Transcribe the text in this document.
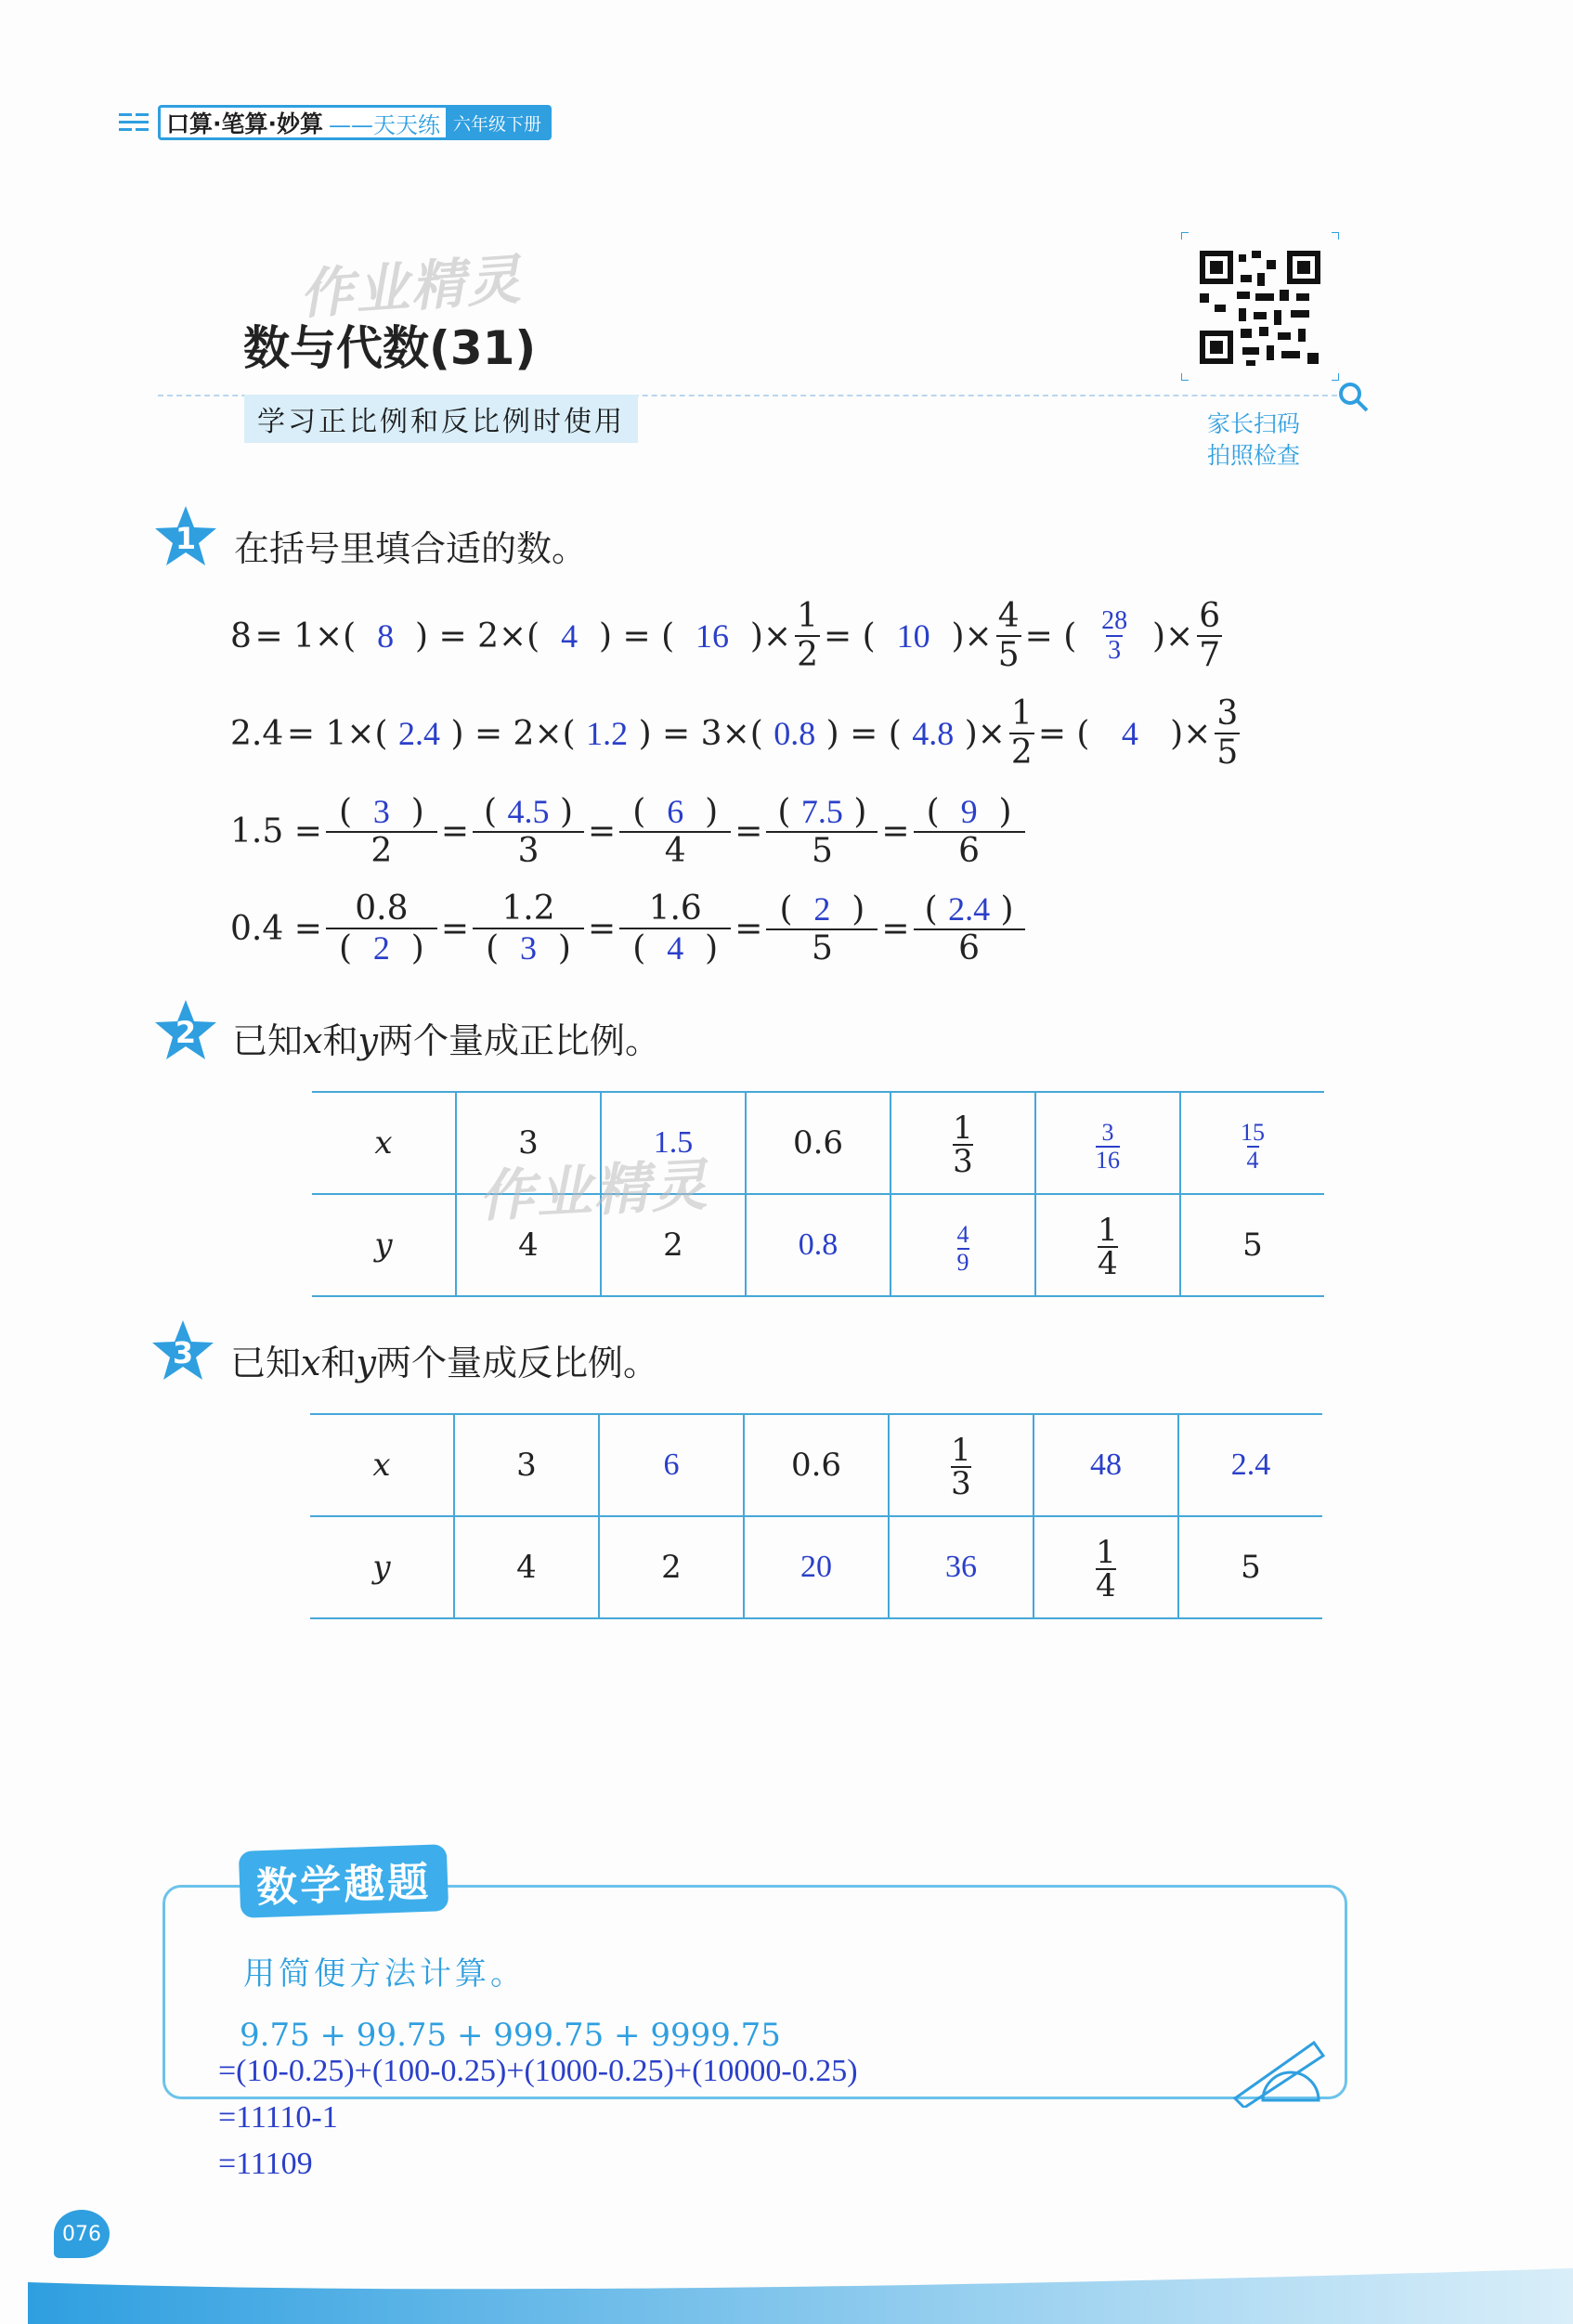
口算·笔算·妙算 ——天天练 六年级下册
作业精灵
数与代数(31)
学习正比例和反比例时使用	家长扫码
拍照检查
1 在括号里填合适的数。
8  = 1×( 8 ) = 2×( 4 ) = ( 16 )× $\frac{1}{2}$ = ( 10 )× $\frac{4}{5}$ = ( $\frac{28}{3}$ )× $\frac{6}{7}$
2.4  = 1×( 2.4 ) = 2×( 1.2 ) = 3×( 0.8 ) = ( 4.8 )× $\frac{1}{2}$ = ( 4 )× $\frac{3}{5}$
$1.5 = \frac{( 3 )}{2} = \frac{( 4.5 )}{3} = \frac{( 6 )}{4} = \frac{( 7.5 )}{5} = \frac{( 9 )}{6}$
$0.4 = \frac{0.8}{( 2 )} = \frac{1.2}{( 3 )} = \frac{1.6}{( 4 )} = \frac{( 2 )}{5} = \frac{( 2.4 )}{6}$
2 已知x和y两个量成正比例。
x	3	1.5	0.6	$\frac{1}{3}$	$\frac{3}{16}$	$\frac{15}{4}$

y	4	2	0.8	$\frac{4}{9}$	$\frac{1}{4}$	5
作业精灵
3 已知x和y两个量成反比例。
x	3	6	0.6	$\frac{1}{3}$	48	2.4
y	4	2	20	36	$\frac{1}{4}$	5
数学趣题
用简便方法计算。
9.75 + 99.75 + 999.75 + 9999.75
=(10-0.25)+(100-0.25)+(1000-0.25)+(10000-0.25)
=11110-1
=11109
076
